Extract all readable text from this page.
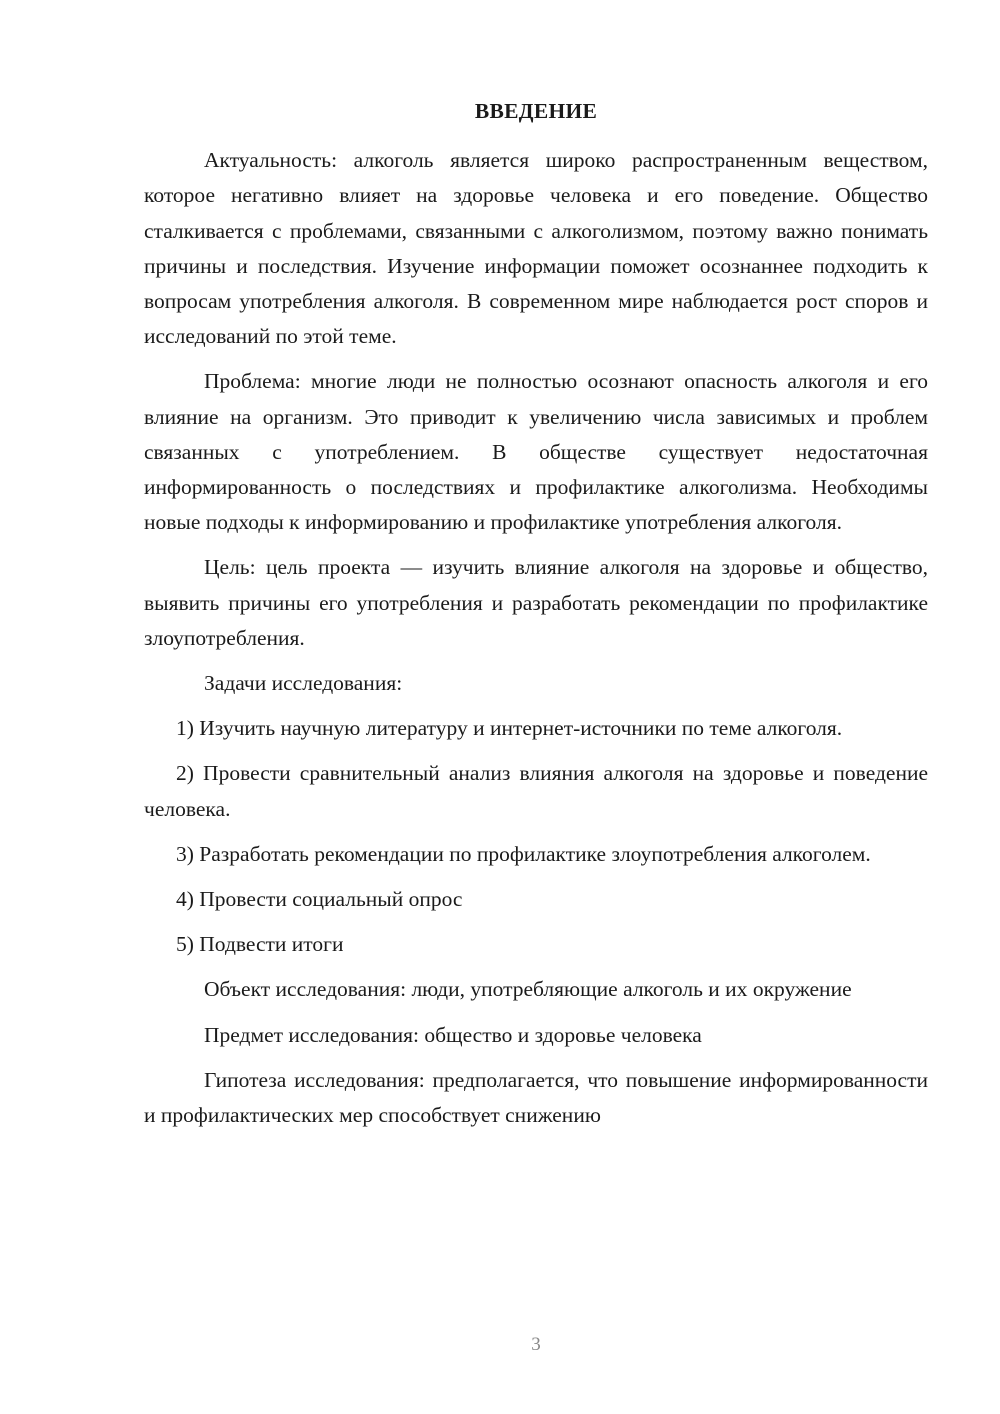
ВВЕДЕНИЕ

Актуальность: алкоголь является широко распространенным веществом, которое негативно влияет на здоровье человека и его поведение. Общество сталкивается с проблемами, связанными с алкоголизмом, поэтому важно понимать причины и последствия. Изучение информации поможет осознаннее подходить к вопросам употребления алкоголя. В современном мире наблюдается рост споров и исследований по этой теме.

Проблема: многие люди не полностью осознают опасность алкоголя и его влияние на организм. Это приводит к увеличению числа зависимых и проблем связанных с употреблением. В обществе существует недостаточная информированность о последствиях и профилактике алкоголизма. Необходимы новые подходы к информированию и профилактике употребления алкоголя.

Цель: цель проекта — изучить влияние алкоголя на здоровье и общество, выявить причины его употребления и разработать рекомендации по профилактике злоупотребления.

Задачи исследования:

1) Изучить научную литературу и интернет-источники по теме алкоголя.

2) Провести сравнительный анализ влияния алкоголя на здоровье и поведение человека.

3) Разработать рекомендации по профилактике злоупотребления алкоголем.

4) Провести социальный опрос

5) Подвести итоги

Объект исследования: люди, употребляющие алкоголь и их окружение

Предмет исследования: общество и здоровье человека

Гипотеза исследования: предполагается, что повышение информированности и профилактических мер способствует снижению

3
